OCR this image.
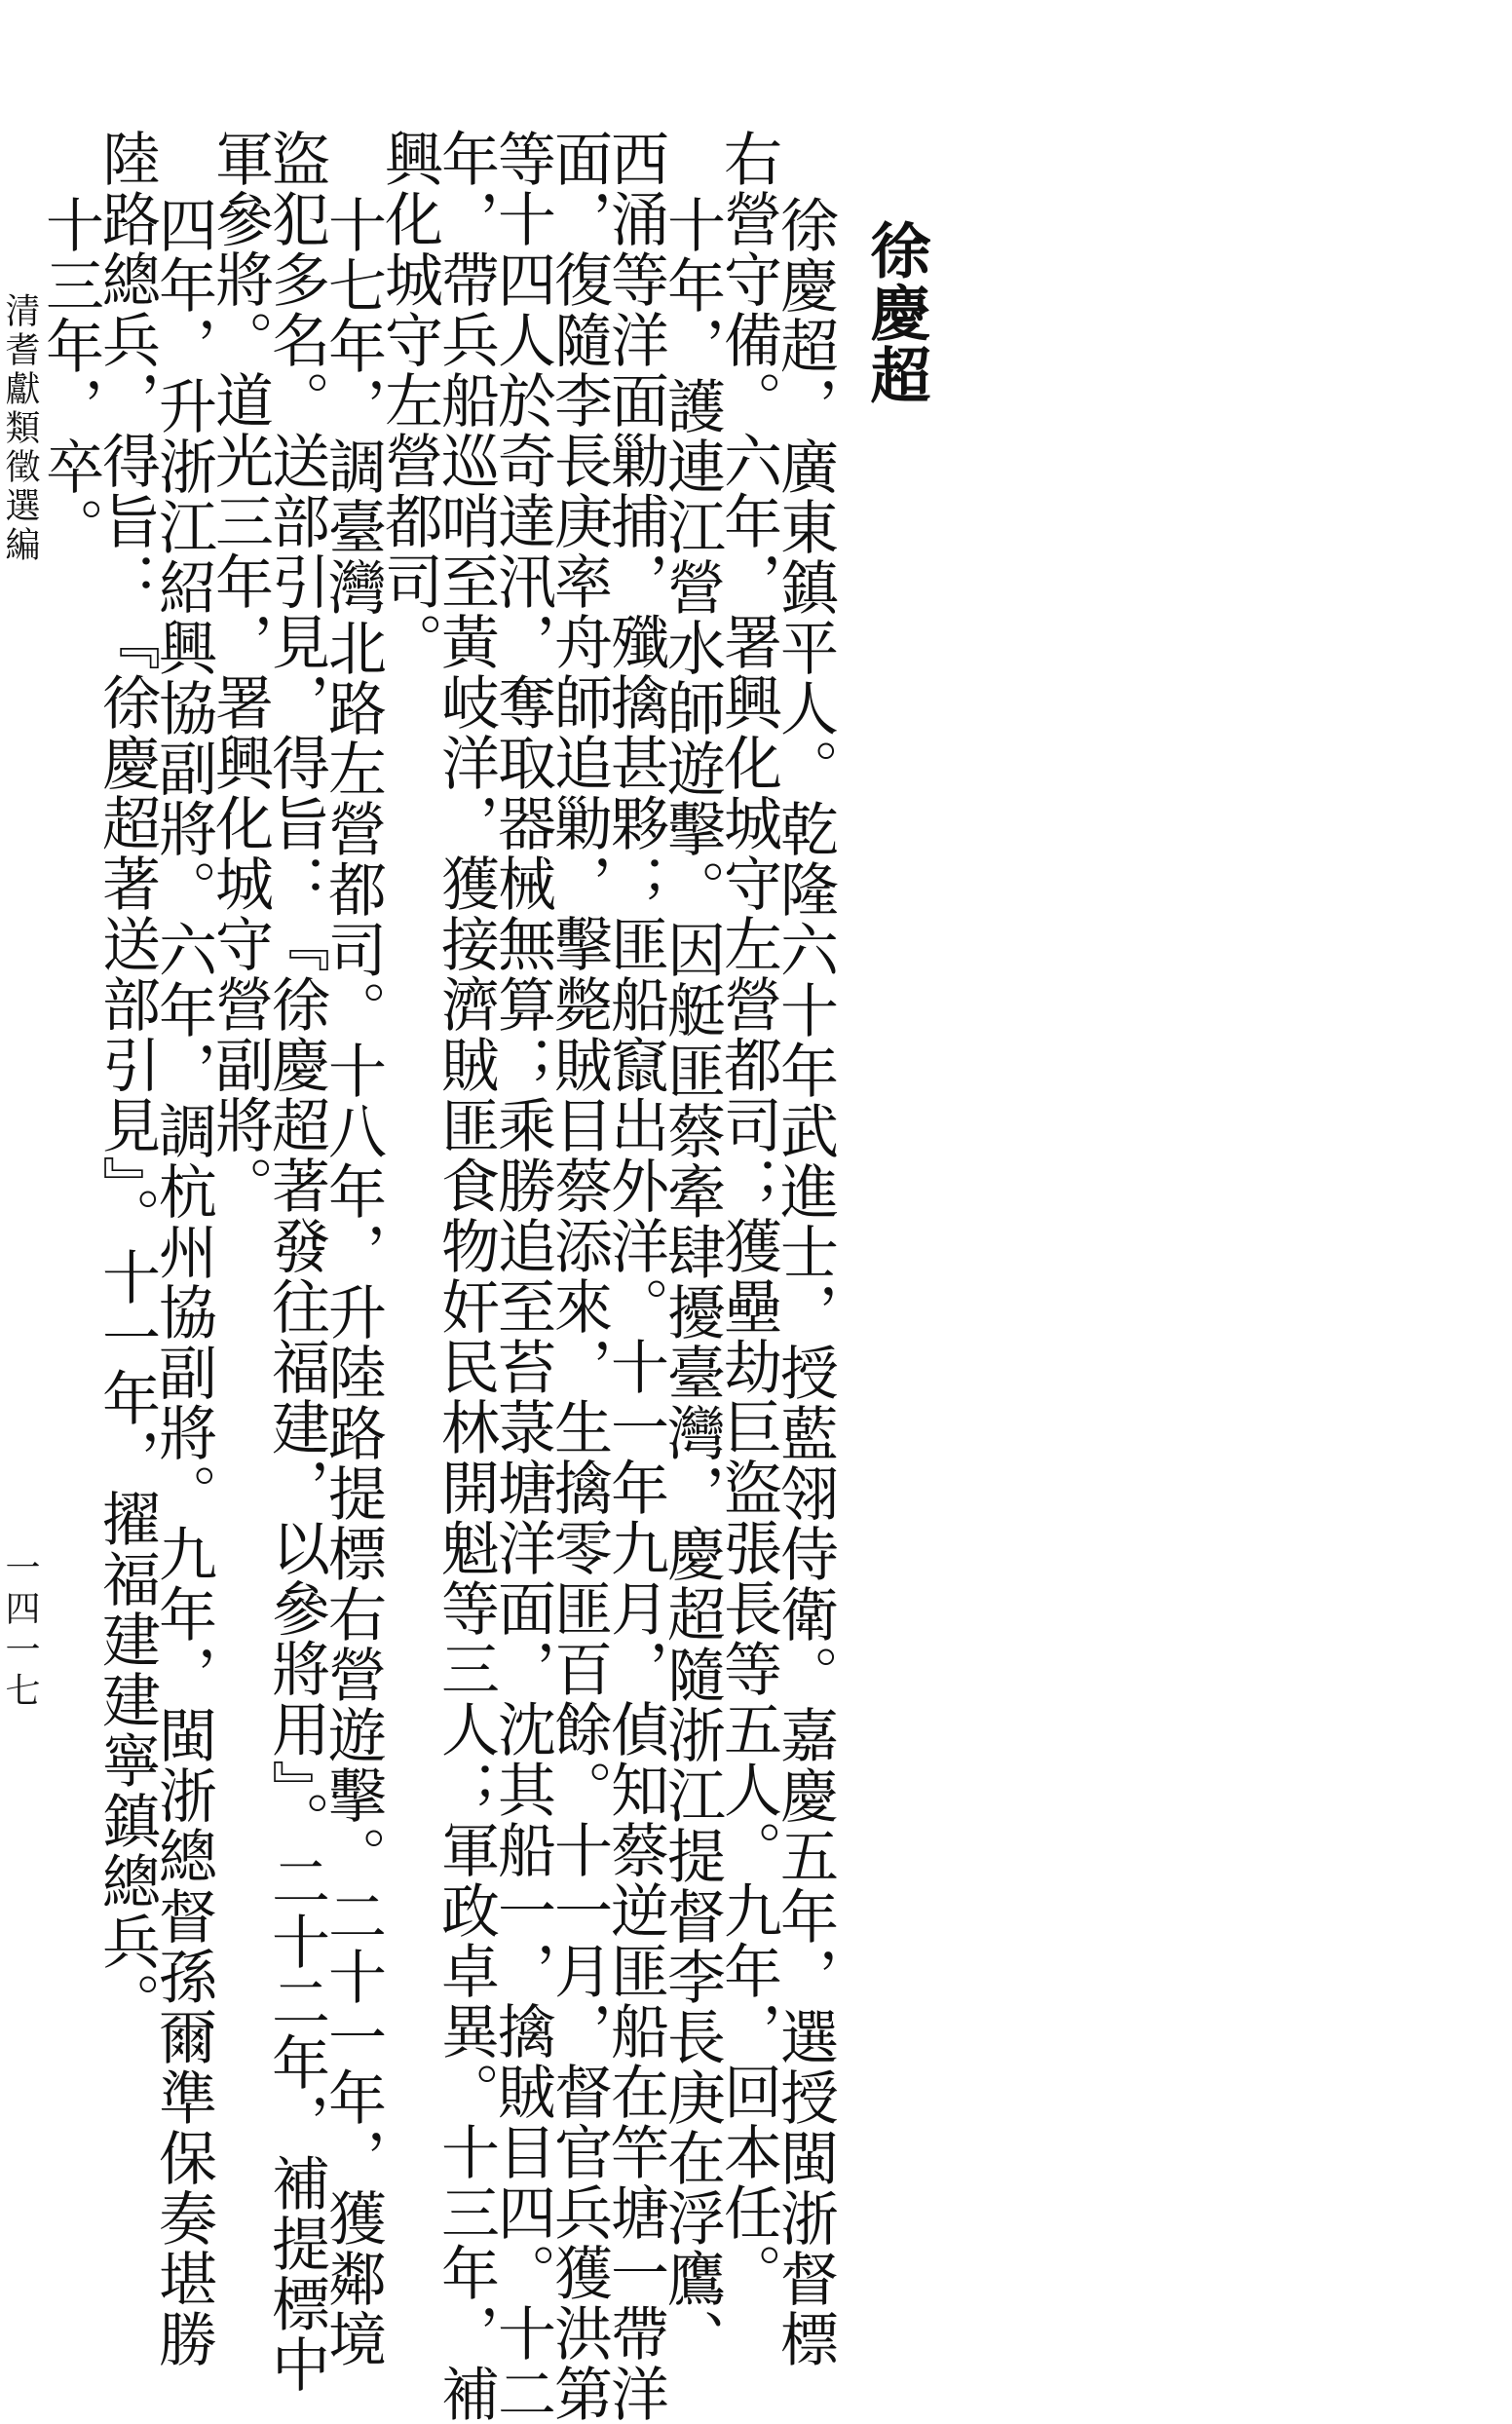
徐慶超
徐慶超，廣東鎮平人。乾隆六十年武進士，授藍翎侍衛。嘉慶五年，選授閩浙督標
右營守備。六年，署興化城守左營都司；獲壘劫巨盜張長等五人。九年，回本任。
十年，護連江營水師遊擊。因艇匪蔡牽肆擾臺灣，慶超隨浙江提督李長庚在浮鷹、
西涌等洋面勦捕，殲擒甚夥；匪船竄出外洋。十一年九月，偵知蔡逆匪船在竿塘一帶洋
面，復隨李長庚率舟師追勦，擊斃賊目蔡添來，生擒零匪百餘。十一月，督官兵獲洪第
等十四人於奇達汛，奪取器械無算；乘勝追至苔菉塘洋面，沈其船一，擒賊目四。十二
年，帶兵船巡哨至黃岐洋，獲接濟賊匪食物奸民林開魁等三人；軍政卓異。十三年，補
興化城守左營都司。
十七年，調臺灣北路左營都司。十八年，升陸路提標右營遊擊。二十一年，獲鄰境
盜犯多名。送部引見，得旨：『徐慶超著發往福建，以參將用』。二十二年，補提標中
軍參將。道光三年，署興化城守營副將。
四年，升浙江紹興協副將。六年，調杭州協副將。九年，閩浙總督孫爾準保奏堪勝
陸路總兵，得旨：『徐慶超著送部引見』。十一年，擢福建建寧鎮總兵。
十三年，卒。
清耆獻類徵選編
一四一七
